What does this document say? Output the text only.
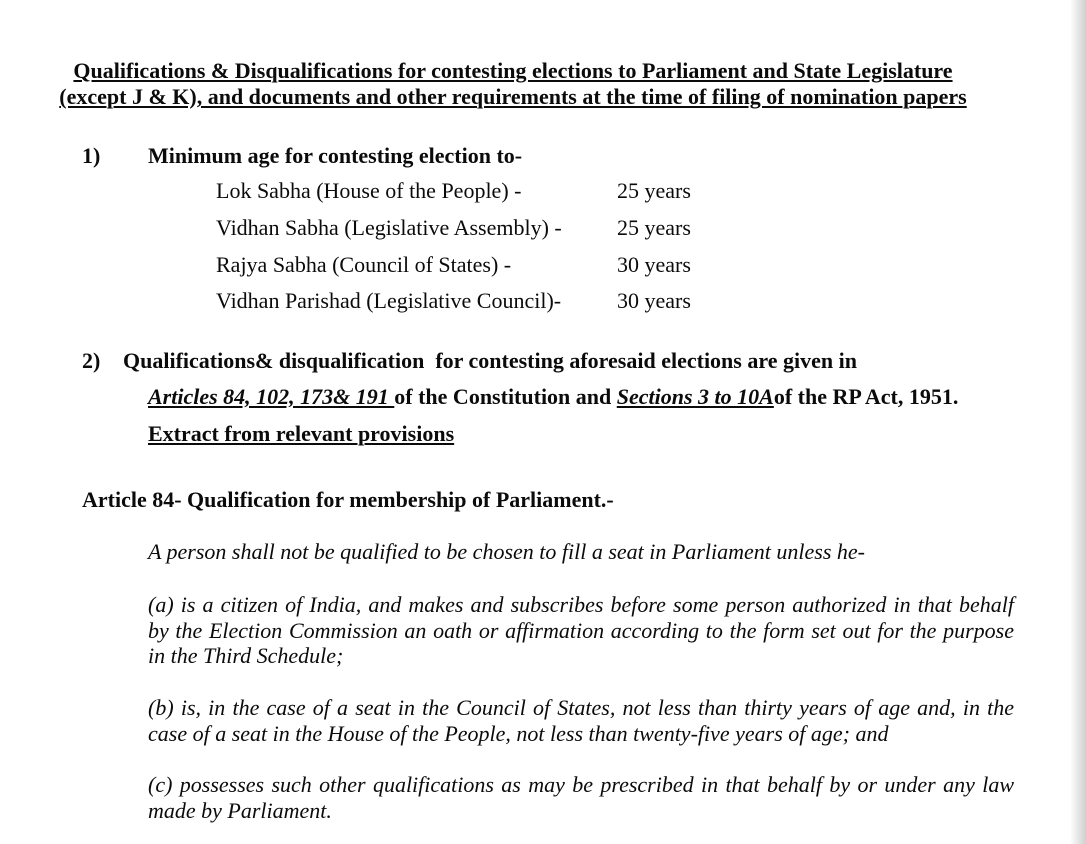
Qualifications & Disqualifications for contesting elections to Parliament and State Legislature
(except J & K), and documents and other requirements at the time of filing of nomination papers
1) Minimum age for contesting election to-
Lok Sabha (House of the People) -	25 years
Vidhan Sabha (Legislative Assembly) -	25 years
Rajya Sabha (Council of States) -	30 years
Vidhan Parishad (Legislative Council)-	30 years
2) Qualifications& disqualification  for contesting aforesaid elections are given in
Articles 84, 102, 173& 191 of the Constitution and Sections 3 to 10Aof the RP Act, 1951.
Extract from relevant provisions
Article 84- Qualification for membership of Parliament.-
A person shall not be qualified to be chosen to fill a seat in Parliament unless he-
(a) is a citizen of India, and makes and subscribes before some person authorized in that behalf
by the Election Commission an oath or affirmation according to the form set out for the purpose
in the Third Schedule;
(b) is, in the case of a seat in the Council of States, not less than thirty years of age and, in the
case of a seat in the House of the People, not less than twenty-five years of age; and
(c) possesses such other qualifications as may be prescribed in that behalf by or under any law
made by Parliament.
